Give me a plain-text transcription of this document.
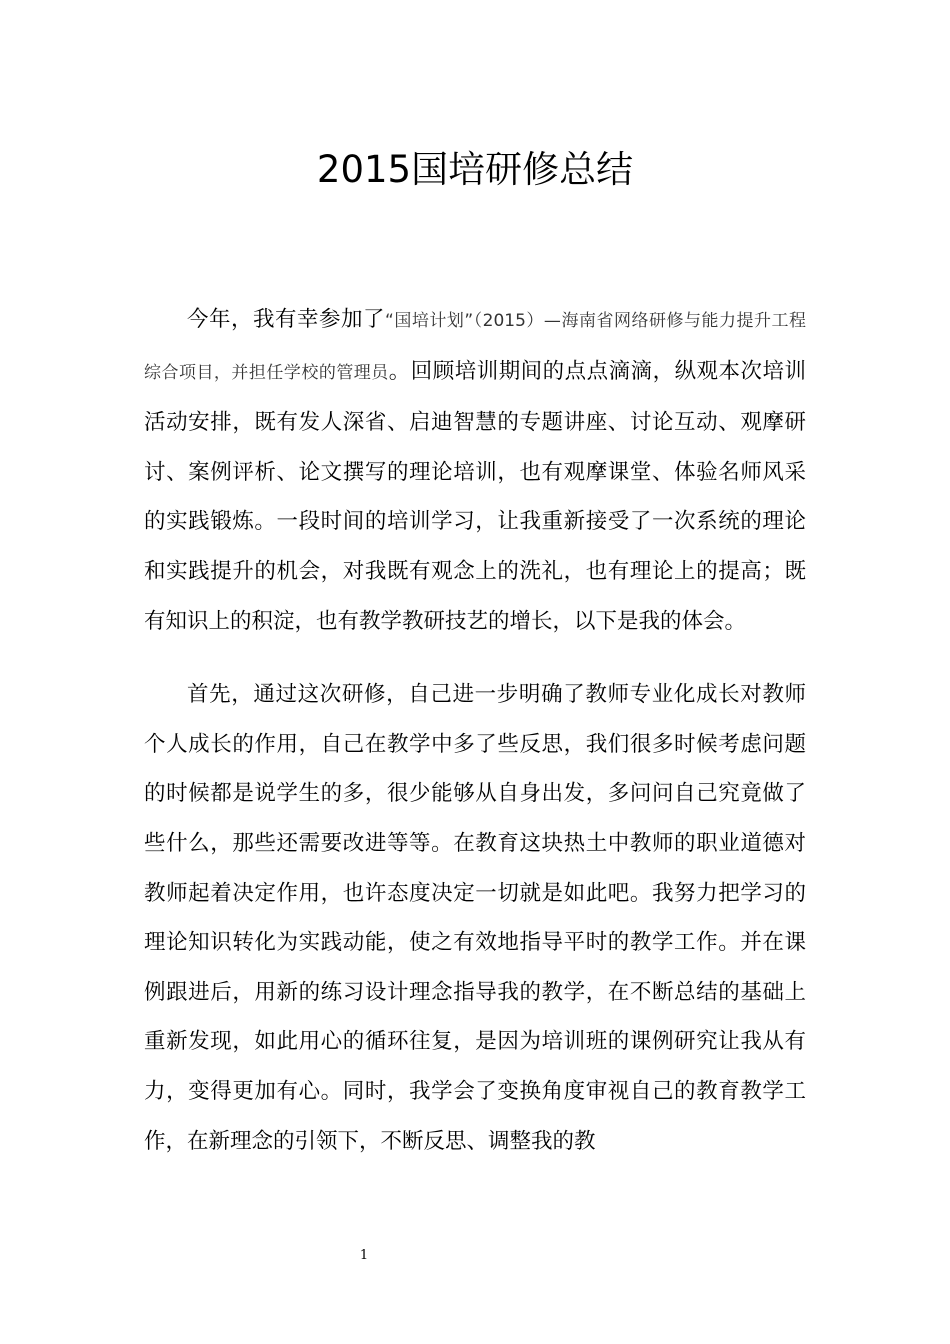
2015国培研修总结

今年，我有幸参加了“国培计划”（2015）—海南省网络研修与能力提升工程综合项目，并担任学校的管理员。回顾培训期间的点点滴滴，纵观本次培训活动安排，既有发人深省、启迪智慧的专题讲座、讨论互动、观摩研讨、案例评析、论文撰写的理论培训，也有观摩课堂、体验名师风采的实践锻炼。一段时间的培训学习，让我重新接受了一次系统的理论和实践提升的机会，对我既有观念上的洗礼，也有理论上的提高；既有知识上的积淀，也有教学教研技艺的增长，以下是我的体会。

首先，通过这次研修，自己进一步明确了教师专业化成长对教师个人成长的作用，自己在教学中多了些反思，我们很多时候考虑问题的时候都是说学生的多，很少能够从自身出发，多问问自己究竟做了些什么，那些还需要改进等等。在教育这块热土中教师的职业道德对教师起着决定作用，也许态度决定一切就是如此吧。我努力把学习的理论知识转化为实践动能，使之有效地指导平时的教学工作。并在课例跟进后，用新的练习设计理念指导我的教学，在不断总结的基础上重新发现，如此用心的循环往复，是因为培训班的课例研究让我从有力，变得更加有心。同时，我学会了变换角度审视自己的教育教学工作，在新理念的引领下，不断反思、调整我的教

1
